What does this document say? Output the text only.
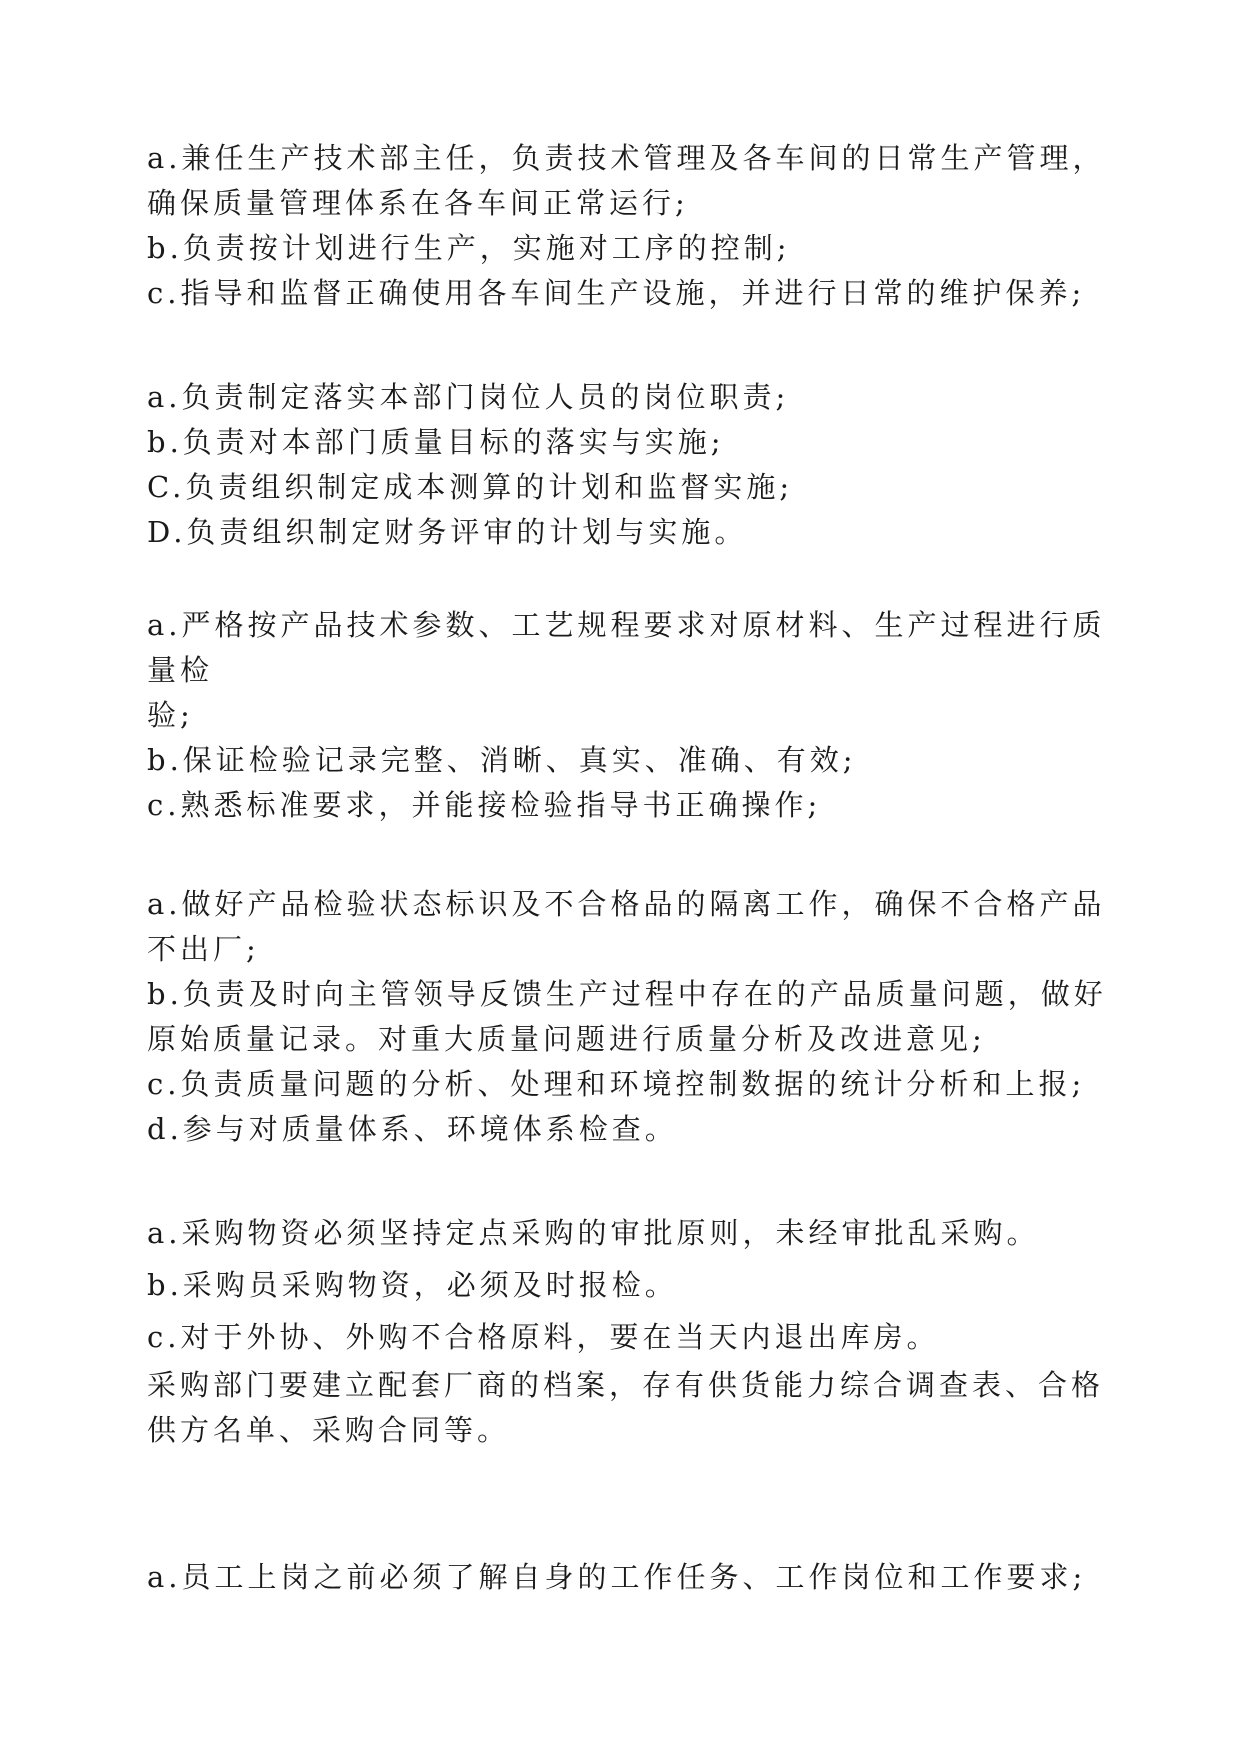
a.兼任生产技术部主任，负责技术管理及各车间的日常生产管理，
确保质量管理体系在各车间正常运行;
b.负责按计划进行生产，实施对工序的控制;
c.指导和监督正确使用各车间生产设施，并进行日常的维护保养;
a.负责制定落实本部门岗位人员的岗位职责;
b.负责对本部门质量目标的落实与实施;
C.负责组织制定成本测算的计划和监督实施;
D.负责组织制定财务评审的计划与实施。
a.严格按产品技术参数、工艺规程要求对原材料、生产过程进行质
量检
验;
b.保证检验记录完整、消晰、真实、准确、有效;
c.熟悉标准要求，并能接检验指导书正确操作;
a.做好产品检验状态标识及不合格品的隔离工作，确保不合格产品
不出厂;
b.负责及时向主管领导反馈生产过程中存在的产品质量问题，做好
原始质量记录。对重大质量问题进行质量分析及改进意见;
c.负责质量问题的分析、处理和环境控制数据的统计分析和上报;
d.参与对质量体系、环境体系检查。
a.采购物资必须坚持定点采购的审批原则，未经审批乱采购。
b.采购员采购物资，必须及时报检。
c.对于外协、外购不合格原料，要在当天内退出库房。
采购部门要建立配套厂商的档案，存有供货能力综合调查表、合格
供方名单、采购合同等。
a.员工上岗之前必须了解自身的工作任务、工作岗位和工作要求;
